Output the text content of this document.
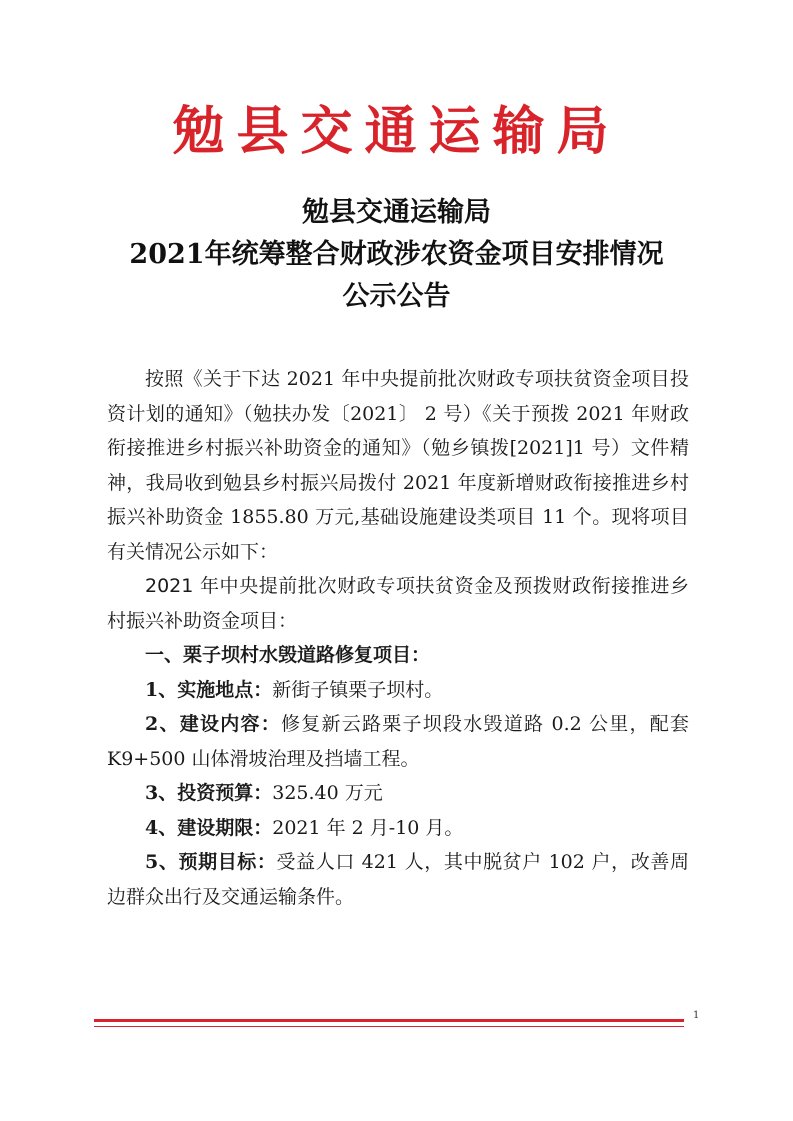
勉县交通运输局
勉县交通运输局
2021年统筹整合财政涉农资金项目安排情况
公示公告

按照《关于下达 2021 年中央提前批次财政专项扶贫资金项目投资计划的通知》（勉扶办发〔2021〕 2 号）《关于预拨 2021 年财政衔接推进乡村振兴补助资金的通知》（勉乡镇拨[2021]1 号）文件精神，我局收到勉县乡村振兴局拨付 2021 年度新增财政衔接推进乡村振兴补助资金 1855.80 万元,基础设施建设类项目 11 个。现将项目有关情况公示如下：

2021 年中央提前批次财政专项扶贫资金及预拨财政衔接推进乡村振兴补助资金项目：

一、栗子坝村水毁道路修复项目：

1、实施地点：新街子镇栗子坝村。

2、建设内容：修复新云路栗子坝段水毁道路 0.2 公里，配套 K9+500 山体滑坡治理及挡墙工程。

3、投资预算：325.40 万元

4、建设期限：2021 年 2 月-10 月。

5、预期目标：受益人口 421 人，其中脱贫户 102 户，改善周边群众出行及交通运输条件。

1
